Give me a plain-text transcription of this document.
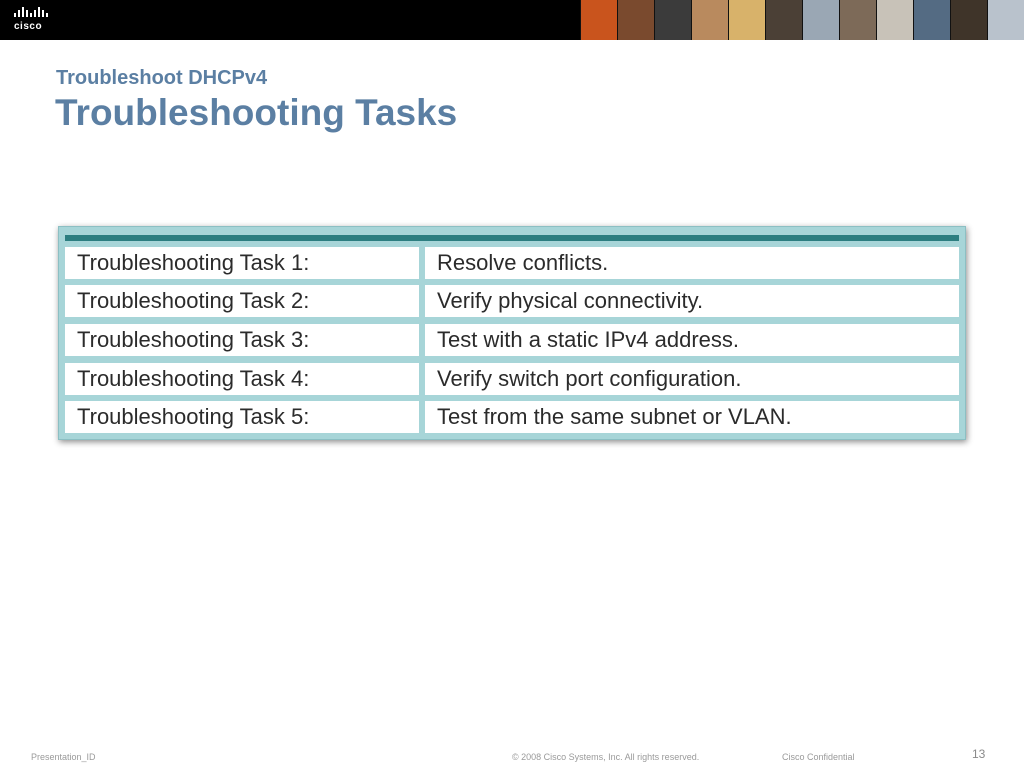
cisco
Troubleshoot DHCPv4
Troubleshooting Tasks
Troubleshooting Task 1:	Resolve conflicts.
Troubleshooting Task 2:	Verify physical connectivity.
Troubleshooting Task 3:	Test with a static IPv4 address.
Troubleshooting Task 4:	Verify switch port configuration.
Troubleshooting Task 5:	Test from the same subnet or VLAN.

Presentation_ID	© 2008 Cisco Systems, Inc. All rights reserved.	Cisco Confidential	13
